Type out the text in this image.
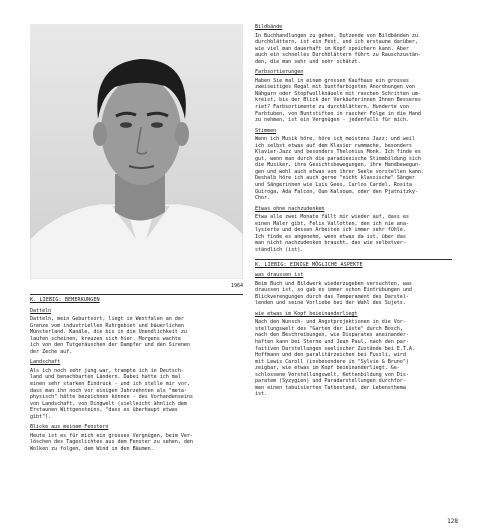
1964
K. LIEBIG: BEMERKUNGEN
Datteln
Datteln, mein Geburtsort, liegt in Westfalen an der
Grenze vom industriellen Ruhrgebiet und bäuerlichen
Münsterland. Kanäle, die bis in die Unendlichkeit zu
laufen scheinen, kreuzen sich hier. Morgens wachte
ich von den Tutgeräuschen der Dampfer und den Sirenen
der Zeche auf.
Landschaft
Als ich noch sehr jung war, trampte ich in Deutsch-
land und benachbarten Ländern. Dabei hatte ich mal
einen sehr starken Eindruck - und ich stelle mir vor,
dass man ihn noch vor einigen Jahrzehnten als "meta-
physisch" hätte bezeichnen können - des Vorhandenseins
von Landschaft, von Dingwelt (vielleicht ähnlich dem
Erstaunen Wittgensteins, "dass es überhaupt etwas
gibt").
Blicke aus meinem Fenstern
Heute ist es für mich ein grosses Vergnügen, beim Ver-
löschen des Tageslichtes aus dem Fenster zu sehen, den
Wolken zu folgen, dem Wind in den Bäumen.
Bildbände
In Buchhandlungen zu gehen, Dutzende von Bildbänden zu
durchblättern, ist ein Fest, und ich erstaune darüber,
wie viel man dauerhaft im Kopf speichern kann. Aber
auch ein schnelles Durchblättern führt zu Rauschzustän-
den, die man sehr und sehr schätzt.
Farbsortierungen
Haben Sie mal in einem grossen Kaufhaus ein grosses
zweiseitiges Regal mit buntfarbigsten Anordnungen von
Nähgarn oder Stopfwollknäueln mit raschen Schritten um-
kreist, bis der Blick der Verkäuferinnen Ihnen Besseres
riet? Farbsortimente zu durchblättern, Hunderte von
Farbtuben, von Buntstiften in rascher Folge in die Hand
zu nehmen, ist ein Vergnügen - jedenfalls für mich.
Stimmen
Wenn ich Musik höre, höre ich meistens Jazz; und weil
ich selbst etwas auf dem Klavier rummache, besonders
Klavier-Jazz und besonders Thelonius Monk. Ich finde es
gut, wenn man durch die paradiesische Stimmbildung sich
die Musiker, ihre Gesichtsbewegungen, ihre Handbewegun-
gen und wohl auch etwas von ihrer Seele vorstellen kann.
Deshalb höre ich auch gerne "nicht klassische" Sänger
und Sängerinnen wie Luis Gees, Carlos Cardel, Rosita
Quiroga, Ada Falcón, Oum Kalsoum, oder den Pjatnitzky-
Chor.
Etwas ohne nachzudenken
Etwa alle zwei Monate fällt mir wieder auf, dass es
einen Maler gibt, Felix Vallotten, den ich nie ana-
lysierte und dessen Arbeiten ich immer sehr fühle.
Ich finde es angenehm, wenn etwas da ist, über das
man nicht nachzudenken braucht, das wie selbstver-
ständlich (ist).
K. LIEBIG: EINIGE MÖGLICHE ASPEKTE
was draussen ist
Beim Buch und Bildwerk wiederzugeben versuchten, was
draussen ist, so gab es immer schon Eintrübungen und
Blickverengungen durch das Temperament des Darstel-
lenden und seine Vorliebe bei der Wahl des Sujets.
wie etwas im Kopf beieinanderliegt
Nach den Wunsch- und Angstprojektionen in die Vor-
stellungswelt des "Garten der Lüste" durch Bosch,
nach den Beschreibungen, wie Disparates aneinander-
haften kann bei Sterne und Jean Paul, nach den par-
faitiven Darstellungen seelischer Zustände bei E.T.A.
Hoffmann und den paralitärzeichen bei Fussli, wird
mit Lewis Caroll (insbesondere in "Sylvie & Bruno")
zeigbar, wie etwas im Kopf beieinanderliegt. Ge-
schlossene Vorstellungswelt, Kettenbildung von Dis-
paratem (Syzygien) und Paradarstellungen durchfor-
men einen tabuisierten Tatbestand, der Lebensthema
ist.
128
